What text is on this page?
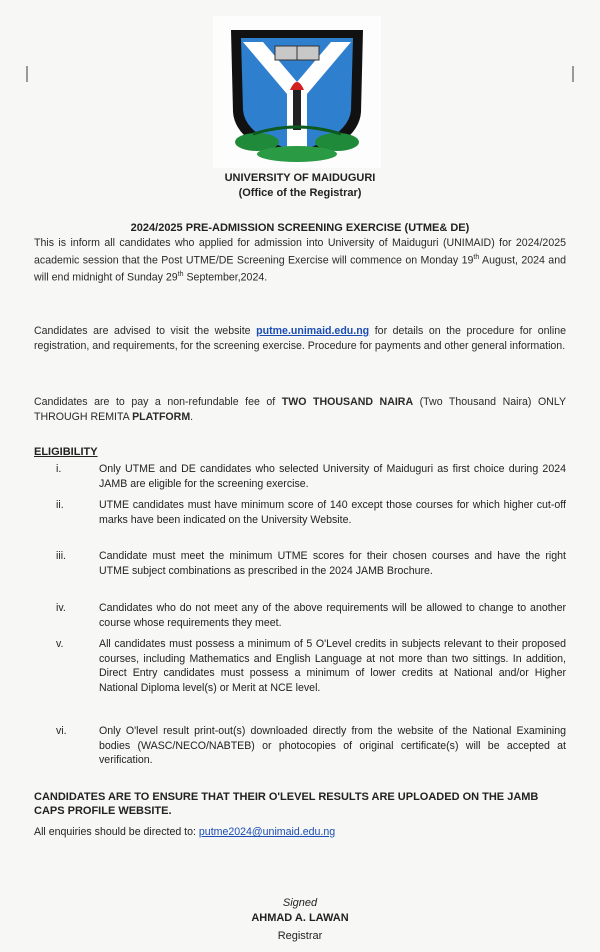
UNIVERSITY OF MAIDUGURI
(Office of the Registrar)
2024/2025 PRE-ADMISSION SCREENING EXERCISE (UTME& DE)
This is inform all candidates who applied for admission into University of Maiduguri (UNIMAID) for 2024/2025 academic session that the Post UTME/DE Screening Exercise will commence on Monday 19th August, 2024 and will end midnight of Sunday 29th September,2024.
Candidates are advised to visit the website putme.unimaid.edu.ng for details on the procedure for online registration, and requirements, for the screening exercise. Procedure for payments and other general information.
Candidates are to pay a non-refundable fee of TWO THOUSAND NAIRA (Two Thousand Naira) ONLY THROUGH REMITA PLATFORM.
ELIGIBILITY
i.	Only UTME and DE candidates who selected University of Maiduguri as first choice during 2024 JAMB are eligible for the screening exercise.
ii.	UTME candidates must have minimum score of 140 except those courses for which higher cut-off marks have been indicated on the University Website.
iii.	Candidate must meet the minimum UTME scores for their chosen courses and have the right UTME subject combinations as prescribed in the 2024 JAMB Brochure.
iv.	Candidates who do not meet any of the above requirements will be allowed to change to another course whose requirements they meet.
v.	All candidates must possess a minimum of 5 O'Level credits in subjects relevant to their proposed courses, including Mathematics and English Language at not more than two sittings. In addition, Direct Entry candidates must possess a minimum of lower credits at National and/or Higher National Diploma level(s) or Merit at NCE level.
vi.	Only O'level result print-out(s) downloaded directly from the website of the National Examining bodies (WASC/NECO/NABTEB) or photocopies of original certificate(s) will be accepted at verification.
CANDIDATES ARE TO ENSURE THAT THEIR O'LEVEL RESULTS ARE UPLOADED ON THE JAMB CAPS PROFILE WEBSITE.
All enquiries should be directed to: putme2024@unimaid.edu.ng
Signed
AHMAD A. LAWAN
Registrar
